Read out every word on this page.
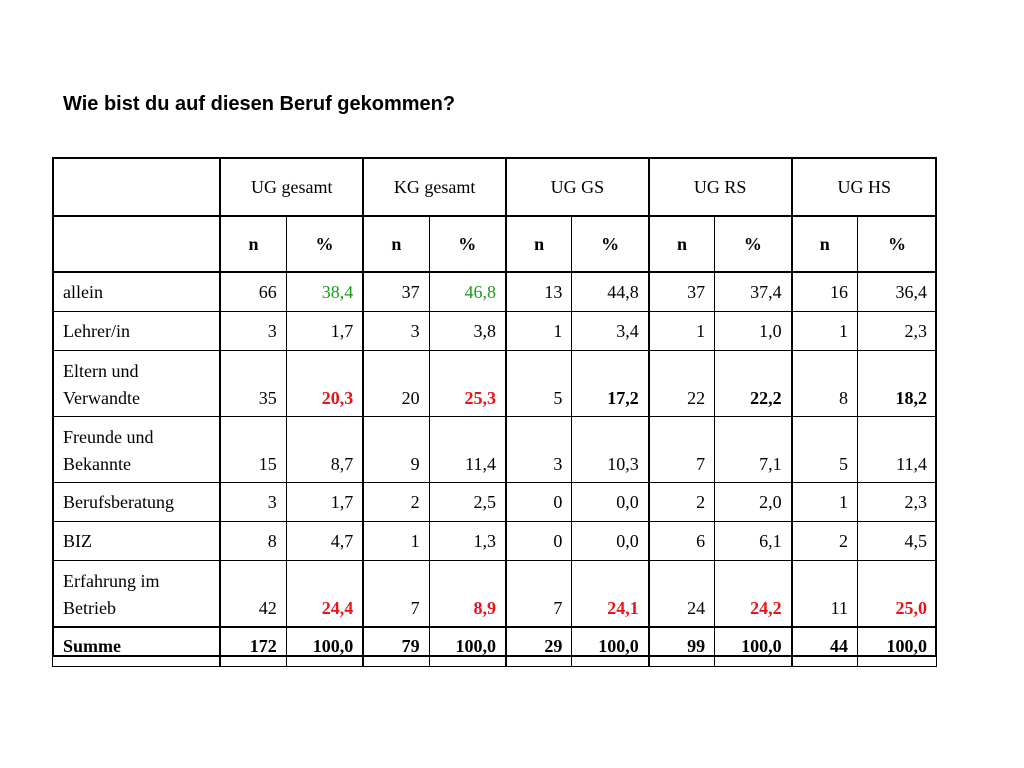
Wie bist du auf diesen Beruf gekommen?
	UG gesamt		KG gesamt		UG GS		UG RS		UG HS	
	n	%	n	%	n	%	n	%	n	%

allein	66	38,4	37	46,8	13	44,8	37	37,4	16	36,4

Lehrer/in	3	1,7	3	3,8	1	3,4	1	1,0	1	2,3

Eltern und
Verwandte	35	20,3	20	25,3	5	17,2	22	22,2	8	18,2

Freunde und
Bekannte	15	8,7	9	11,4	3	10,3	7	7,1	5	11,4

Berufsberatung	3	1,7	2	2,5	0	0,0	2	2,0	1	2,3

BIZ	8	4,7	1	1,3	0	0,0	6	6,1	2	4,5

Erfahrung im
Betrieb	42	24,4	7	8,9	7	24,1	24	24,2	11	25,0
Summe	172	100,0	79	100,0	29	100,0	99	100,0	44	100,0
